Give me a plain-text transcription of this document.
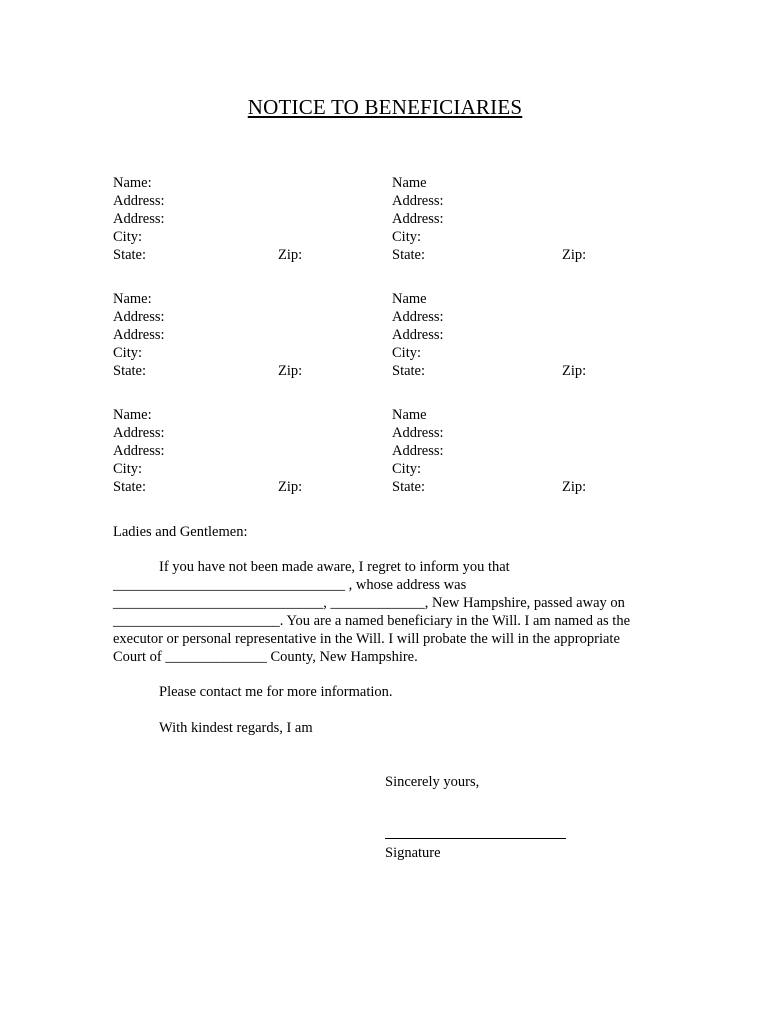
NOTICE TO BENEFICIARIES
Name:
Address:
Address:
City:
State:	Zip:
Name
Address:
Address:
City:
State:	Zip:
Name:
Address:
Address:
City:
State:	Zip:
Name
Address:
Address:
City:
State:	Zip:
Name:
Address:
Address:
City:
State:	Zip:
Name
Address:
Address:
City:
State:	Zip:
Ladies and Gentlemen:
If you have not been made aware, I regret to inform you that
________________________________ , whose address was
_____________________________, _____________, New Hampshire, passed away on
_______________________. You are a named beneficiary in the Will. I am named as the
executor or personal representative in the Will. I will probate the will in the appropriate
Court of ______________ County, New Hampshire.
Please contact me for more information.
With kindest regards, I am
Sincerely yours,
Signature
